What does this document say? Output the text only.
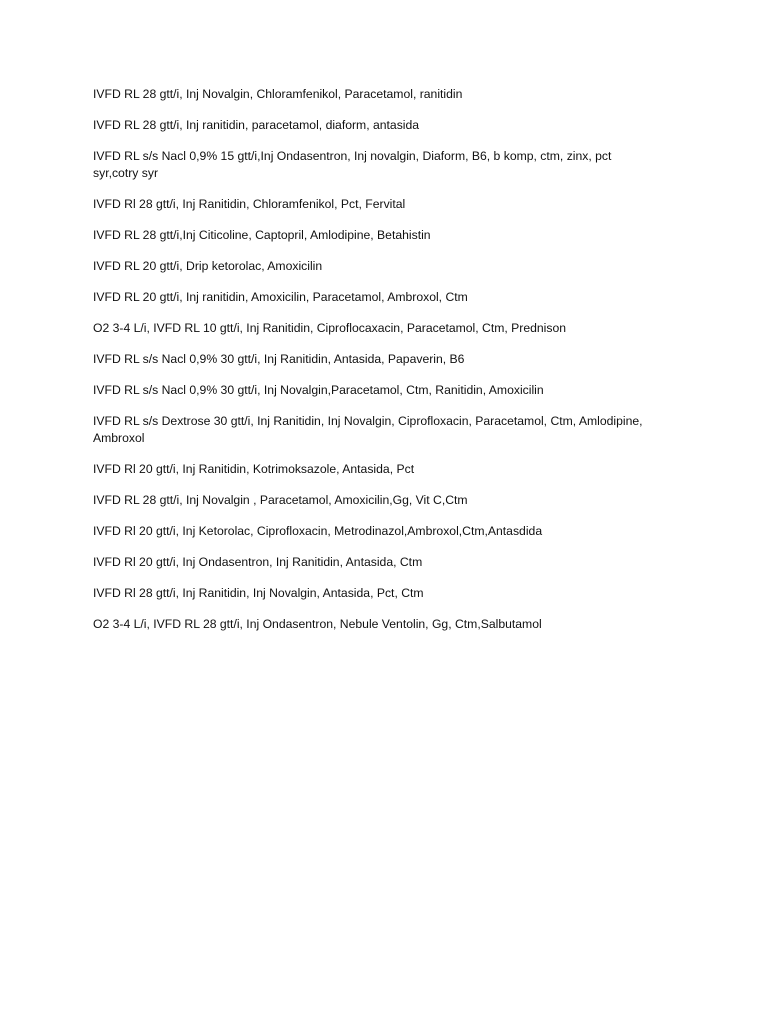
IVFD RL 28 gtt/i, Inj Novalgin, Chloramfenikol, Paracetamol, ranitidin
IVFD RL 28 gtt/i, Inj ranitidin, paracetamol, diaform, antasida
IVFD RL s/s Nacl 0,9% 15 gtt/i,Inj Ondasentron, Inj novalgin, Diaform, B6, b komp, ctm, zinx, pct syr,cotry syr
IVFD Rl 28 gtt/i, Inj Ranitidin, Chloramfenikol, Pct, Fervital
IVFD RL 28 gtt/i,Inj Citicoline, Captopril, Amlodipine, Betahistin
IVFD RL 20 gtt/i, Drip ketorolac, Amoxicilin
IVFD RL 20 gtt/i, Inj ranitidin, Amoxicilin, Paracetamol, Ambroxol, Ctm
O2 3-4 L/i, IVFD RL 10 gtt/i, Inj Ranitidin, Ciproflocaxacin, Paracetamol, Ctm, Prednison
IVFD RL s/s Nacl 0,9% 30 gtt/i, Inj Ranitidin, Antasida, Papaverin, B6
IVFD RL s/s Nacl 0,9% 30 gtt/i, Inj Novalgin,Paracetamol, Ctm, Ranitidin, Amoxicilin
IVFD RL s/s Dextrose 30 gtt/i, Inj Ranitidin, Inj Novalgin, Ciprofloxacin, Paracetamol, Ctm, Amlodipine, Ambroxol
IVFD Rl 20 gtt/i, Inj Ranitidin, Kotrimoksazole, Antasida, Pct
IVFD RL 28 gtt/i, Inj Novalgin , Paracetamol, Amoxicilin,Gg, Vit C,Ctm
IVFD Rl 20 gtt/i, Inj Ketorolac, Ciprofloxacin, Metrodinazol,Ambroxol,Ctm,Antasdida
IVFD Rl 20 gtt/i, Inj Ondasentron, Inj Ranitidin, Antasida, Ctm
IVFD Rl 28 gtt/i, Inj Ranitidin, Inj Novalgin, Antasida, Pct, Ctm
O2 3-4 L/i, IVFD RL 28 gtt/i, Inj Ondasentron, Nebule Ventolin, Gg, Ctm,Salbutamol
